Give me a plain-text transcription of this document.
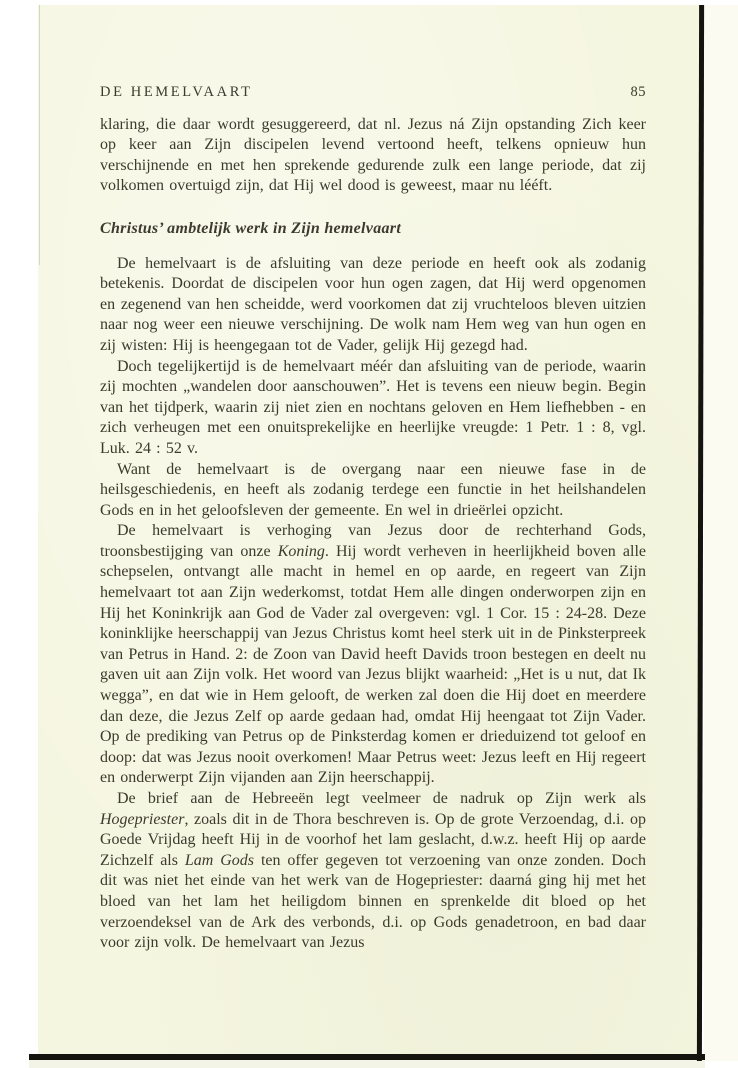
DE HEMELVAART	85

klaring, die daar wordt gesuggereerd, dat nl. Jezus ná Zijn opstanding Zich keer op keer aan Zijn discipelen levend vertoond heeft, telkens opnieuw hun verschijnende en met hen sprekende gedurende zulk een lange periode, dat zij volkomen overtuigd zijn, dat Hij wel dood is geweest, maar nu lééft.

Christus’ ambtelijk werk in Zijn hemelvaart

De hemelvaart is de afsluiting van deze periode en heeft ook als zodanig betekenis. Doordat de discipelen voor hun ogen zagen, dat Hij werd opgenomen en zegenend van hen scheidde, werd voorkomen dat zij vruchteloos bleven uitzien naar nog weer een nieuwe verschijning. De wolk nam Hem weg van hun ogen en zij wisten: Hij is heengegaan tot de Vader, gelijk Hij gezegd had.

Doch tegelijkertijd is de hemelvaart méér dan afsluiting van de periode, waarin zij mochten „wandelen door aanschouwen”. Het is tevens een nieuw begin. Begin van het tijdperk, waarin zij niet zien en nochtans geloven en Hem liefhebben - en zich verheugen met een onuitsprekelijke en heerlijke vreugde: 1 Petr. 1 : 8, vgl. Luk. 24 : 52 v.

Want de hemelvaart is de overgang naar een nieuwe fase in de heilsgeschiedenis, en heeft als zodanig terdege een functie in het heilshandelen Gods en in het geloofsleven der gemeente. En wel in drieërlei opzicht.

De hemelvaart is verhoging van Jezus door de rechterhand Gods, troonsbestijging van onze Koning. Hij wordt verheven in heerlijkheid boven alle schepselen, ontvangt alle macht in hemel en op aarde, en regeert van Zijn hemelvaart tot aan Zijn wederkomst, totdat Hem alle dingen onderworpen zijn en Hij het Koninkrijk aan God de Vader zal overgeven: vgl. 1 Cor. 15 : 24-28. Deze koninklijke heerschappij van Jezus Christus komt heel sterk uit in de Pinksterpreek van Petrus in Hand. 2: de Zoon van David heeft Davids troon bestegen en deelt nu gaven uit aan Zijn volk. Het woord van Jezus blijkt waarheid: „Het is u nut, dat Ik wegga”, en dat wie in Hem gelooft, de werken zal doen die Hij doet en meerdere dan deze, die Jezus Zelf op aarde gedaan had, omdat Hij heengaat tot Zijn Vader. Op de prediking van Petrus op de Pinksterdag komen er drieduizend tot geloof en doop: dat was Jezus nooit overkomen! Maar Petrus weet: Jezus leeft en Hij regeert en onderwerpt Zijn vijanden aan Zijn heerschappij.

De brief aan de Hebreeën legt veelmeer de nadruk op Zijn werk als Hogepriester, zoals dit in de Thora beschreven is. Op de grote Verzoendag, d.i. op Goede Vrijdag heeft Hij in de voorhof het lam geslacht, d.w.z. heeft Hij op aarde Zichzelf als Lam Gods ten offer gegeven tot verzoening van onze zonden. Doch dit was niet het einde van het werk van de Hogepriester: daarná ging hij met het bloed van het lam het heiligdom binnen en sprenkelde dit bloed op het verzoendeksel van de Ark des verbonds, d.i. op Gods genadetroon, en bad daar voor zijn volk. De hemelvaart van Jezus
